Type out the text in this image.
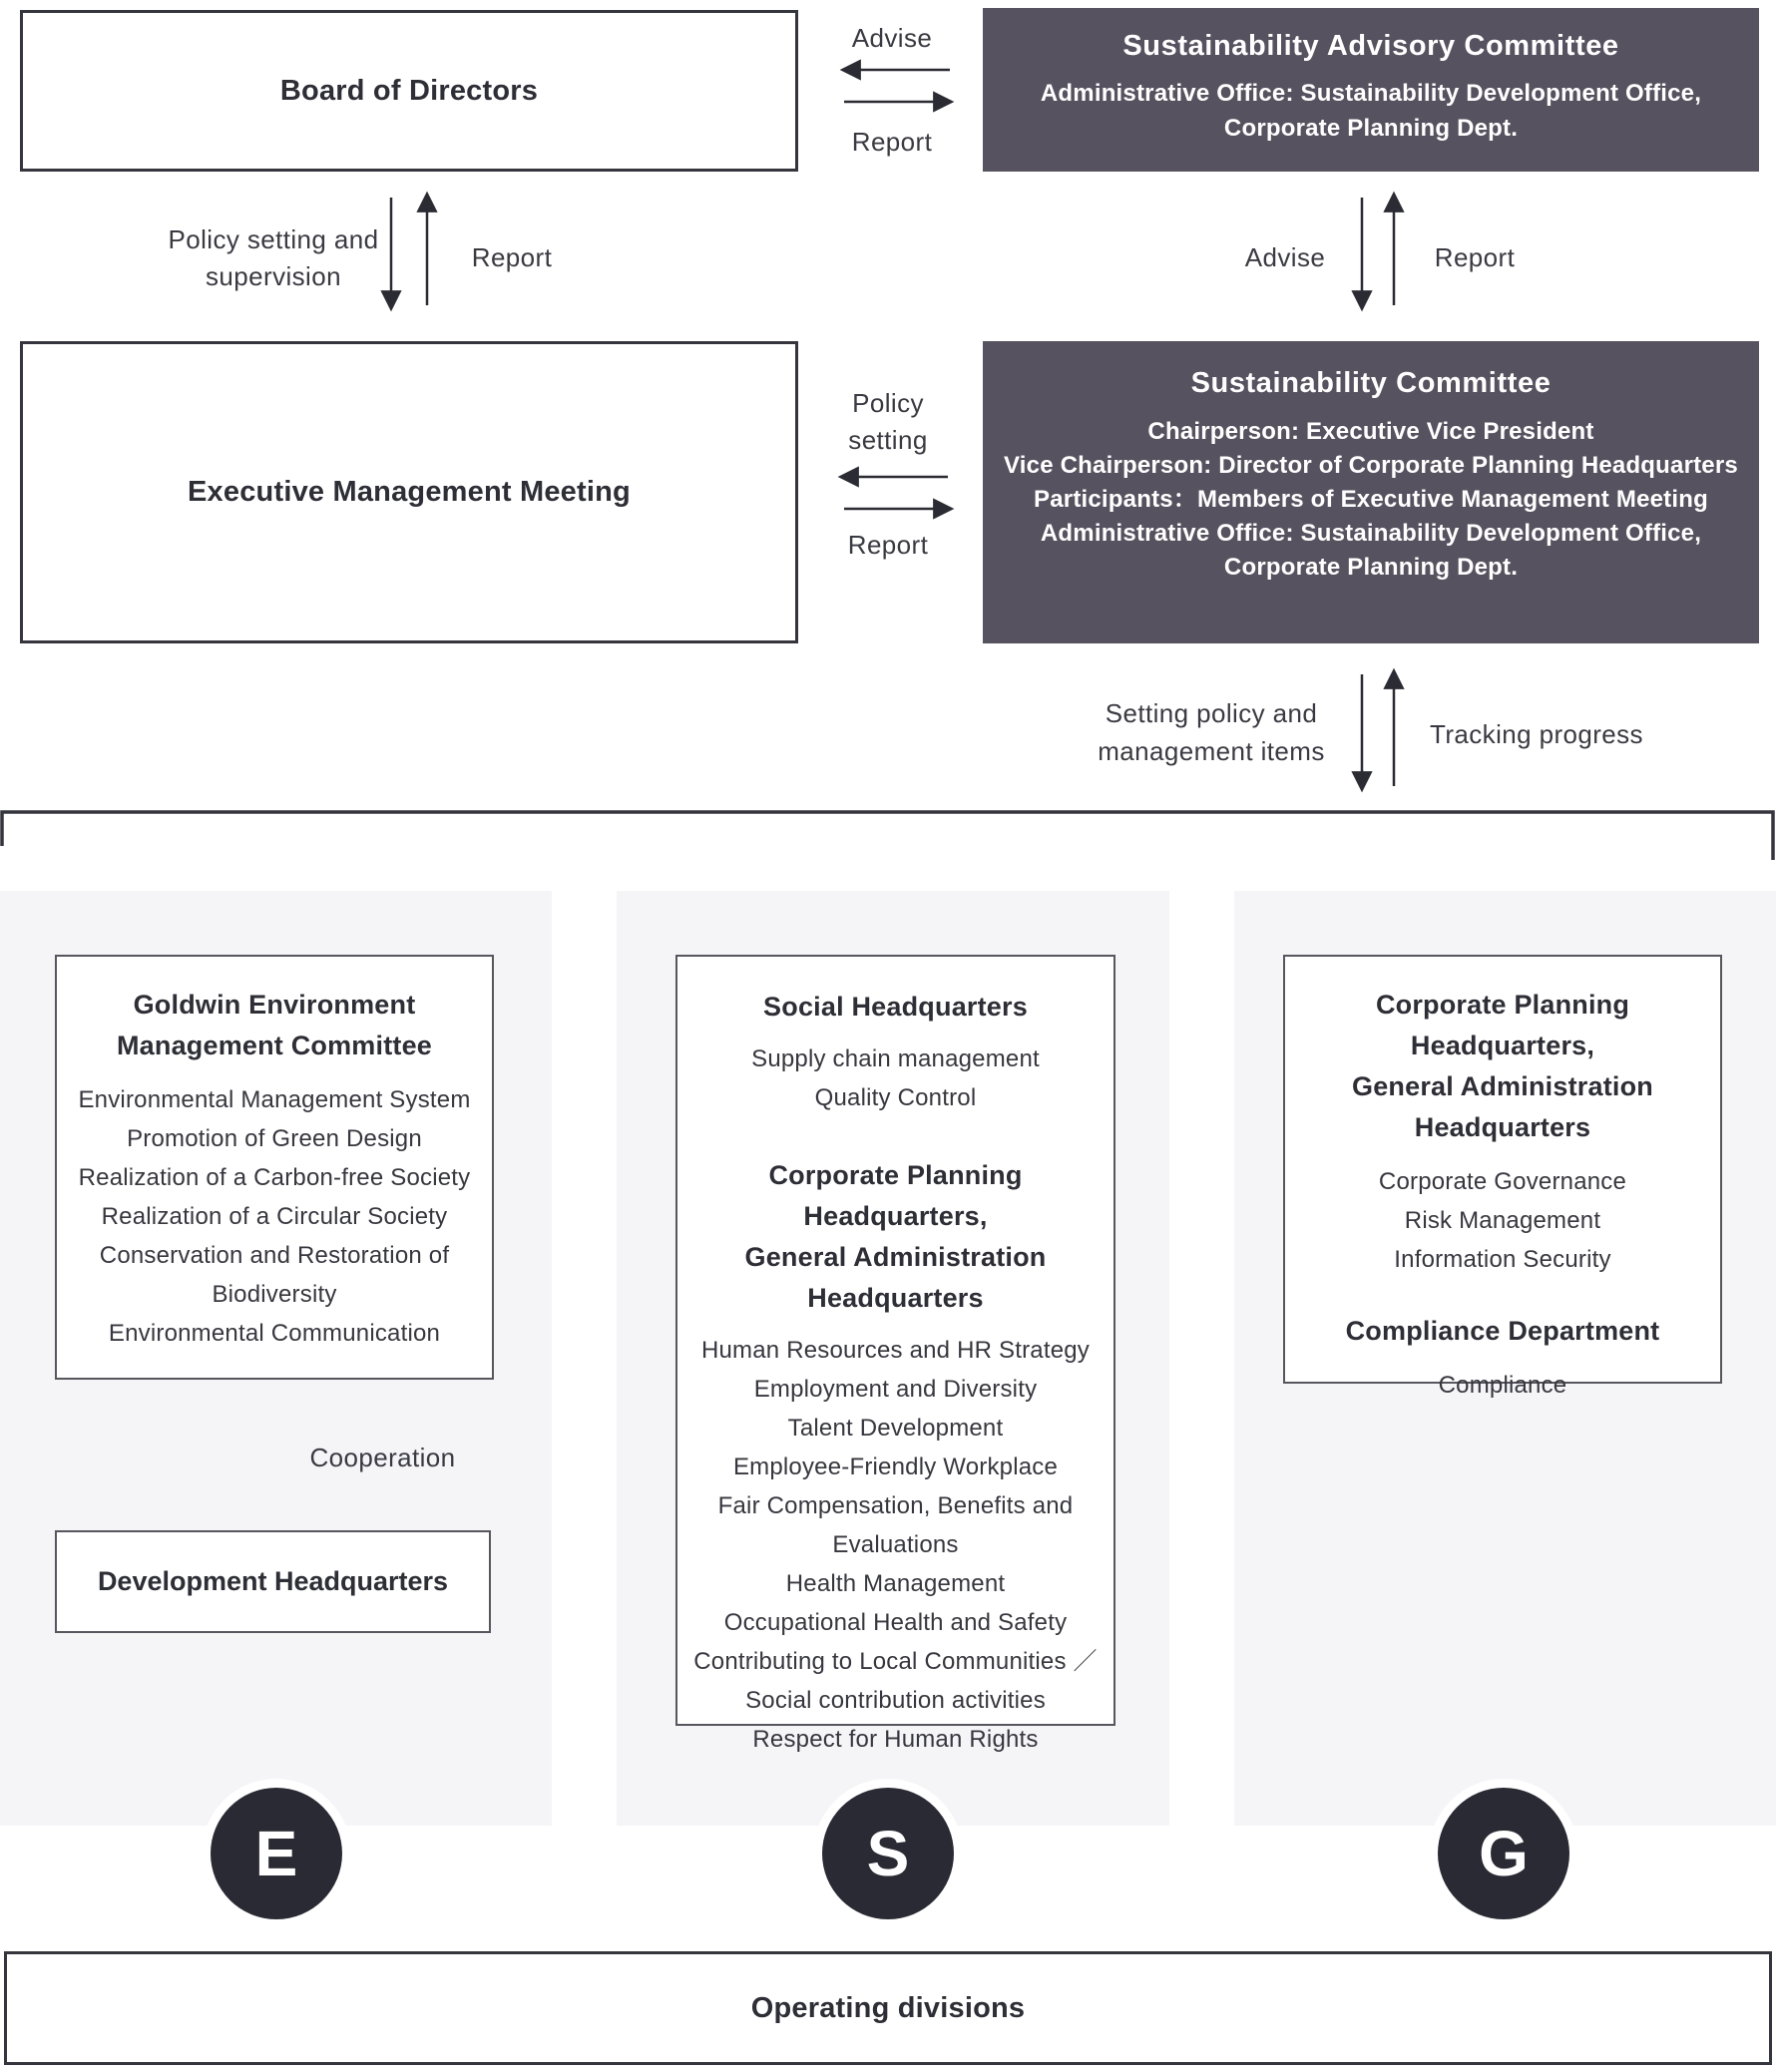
Board of Directors
Sustainability Advisory Committee
Administrative Office: Sustainability Development Office, Corporate Planning Dept.
Advise
Report
Policy setting and supervision
Report	Advise	Report
Executive Management Meeting
Sustainability Committee
Chairperson: Executive Vice President
Vice Chairperson: Director of Corporate Planning Headquarters
Participants：Members of Executive Management Meeting
Administrative Office: Sustainability Development Office, Corporate Planning Dept.
Policy setting
Report
Setting policy and management items
Tracking progress
Goldwin Environment
Management Committee
Environmental Management System
Promotion of Green Design
Realization of a Carbon-free Society
Realization of a Circular Society
Conservation and Restoration of Biodiversity
Environmental Communication
Cooperation
Development Headquarters
Social Headquarters
Supply chain management
Quality Control
Corporate Planning Headquarters,
General Administration
Headquarters
Human Resources and HR Strategy
Employment and Diversity
Talent Development
Employee-Friendly Workplace
Fair Compensation, Benefits and Evaluations
Health Management
Occupational Health and Safety
Contributing to Local Communities ／ Social contribution activities
Respect for Human Rights
Corporate Planning Headquarters,
General Administration
Headquarters
Corporate Governance
Risk Management
Information Security
Compliance Department
Compliance
E	S	G
Operating divisions
